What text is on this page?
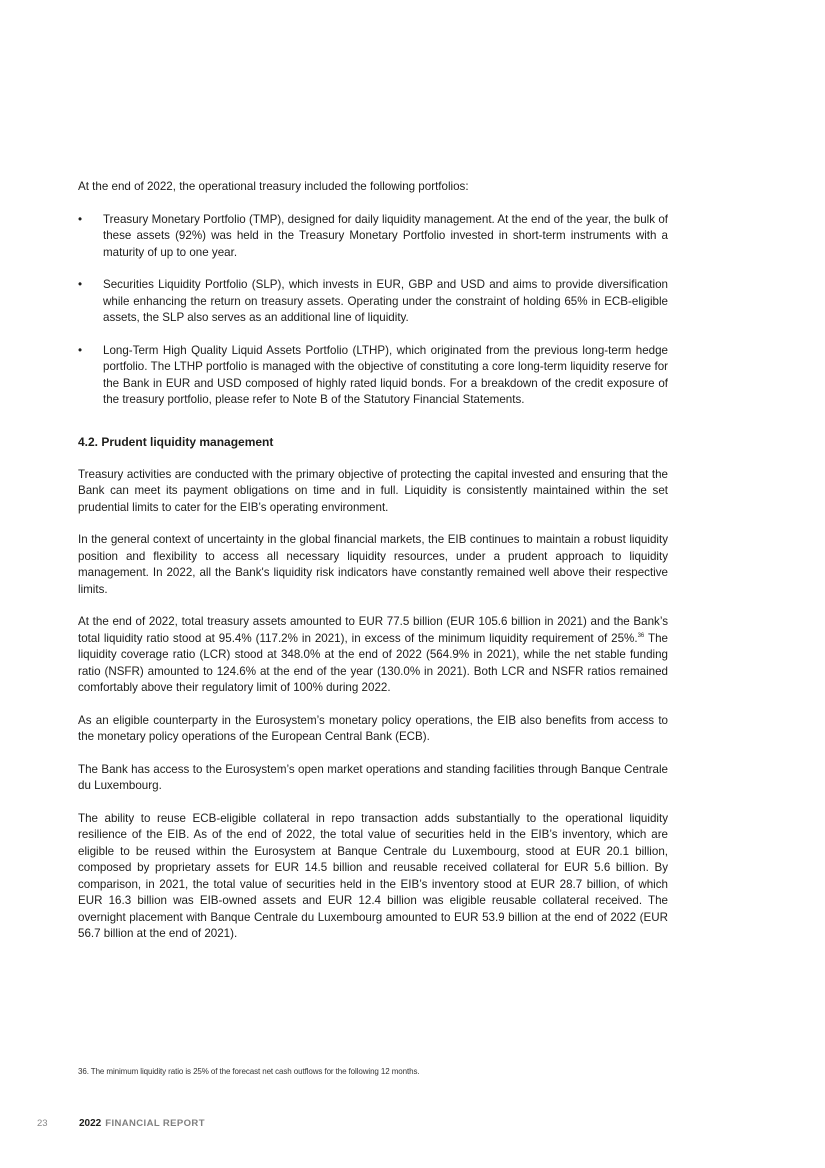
At the end of 2022, the operational treasury included the following portfolios:

• Treasury Monetary Portfolio (TMP), designed for daily liquidity management. At the end of the year, the bulk of these assets (92%) was held in the Treasury Monetary Portfolio invested in short-term instruments with a maturity of up to one year.

• Securities Liquidity Portfolio (SLP), which invests in EUR, GBP and USD and aims to provide diversification while enhancing the return on treasury assets. Operating under the constraint of holding 65% in ECB-eligible assets, the SLP also serves as an additional line of liquidity.

• Long-Term High Quality Liquid Assets Portfolio (LTHP), which originated from the previous long-term hedge portfolio. The LTHP portfolio is managed with the objective of constituting a core long-term liquidity reserve for the Bank in EUR and USD composed of highly rated liquid bonds. For a breakdown of the credit exposure of the treasury portfolio, please refer to Note B of the Statutory Financial Statements.

4.2. Prudent liquidity management

Treasury activities are conducted with the primary objective of protecting the capital invested and ensuring that the Bank can meet its payment obligations on time and in full. Liquidity is consistently maintained within the set prudential limits to cater for the EIB’s operating environment.

In the general context of uncertainty in the global financial markets, the EIB continues to maintain a robust liquidity position and flexibility to access all necessary liquidity resources, under a prudent approach to liquidity management. In 2022, all the Bank's liquidity risk indicators have constantly remained well above their respective limits.

At the end of 2022, total treasury assets amounted to EUR 77.5 billion (EUR 105.6 billion in 2021) and the Bank’s total liquidity ratio stood at 95.4% (117.2% in 2021), in excess of the minimum liquidity requirement of 25%.$^{36}$ The liquidity coverage ratio (LCR) stood at 348.0% at the end of 2022 (564.9% in 2021), while the net stable funding ratio (NSFR) amounted to 124.6% at the end of the year (130.0% in 2021). Both LCR and NSFR ratios remained comfortably above their regulatory limit of 100% during 2022.

As an eligible counterparty in the Eurosystem’s monetary policy operations, the EIB also benefits from access to the monetary policy operations of the European Central Bank (ECB).

The Bank has access to the Eurosystem’s open market operations and standing facilities through Banque Centrale du Luxembourg.

The ability to reuse ECB-eligible collateral in repo transaction adds substantially to the operational liquidity resilience of the EIB. As of the end of 2022, the total value of securities held in the EIB’s inventory, which are eligible to be reused within the Eurosystem at Banque Centrale du Luxembourg, stood at EUR 20.1 billion, composed by proprietary assets for EUR 14.5 billion and reusable received collateral for EUR 5.6 billion. By comparison, in 2021, the total value of securities held in the EIB’s inventory stood at EUR 28.7 billion, of which EUR 16.3 billion was EIB-owned assets and EUR 12.4 billion was eligible reusable collateral received. The overnight placement with Banque Centrale du Luxembourg amounted to EUR 53.9 billion at the end of 2022 (EUR 56.7 billion at the end of 2021).

36. The minimum liquidity ratio is 25% of the forecast net cash outflows for the following 12 months.
23	2022 FINANCIAL REPORT
